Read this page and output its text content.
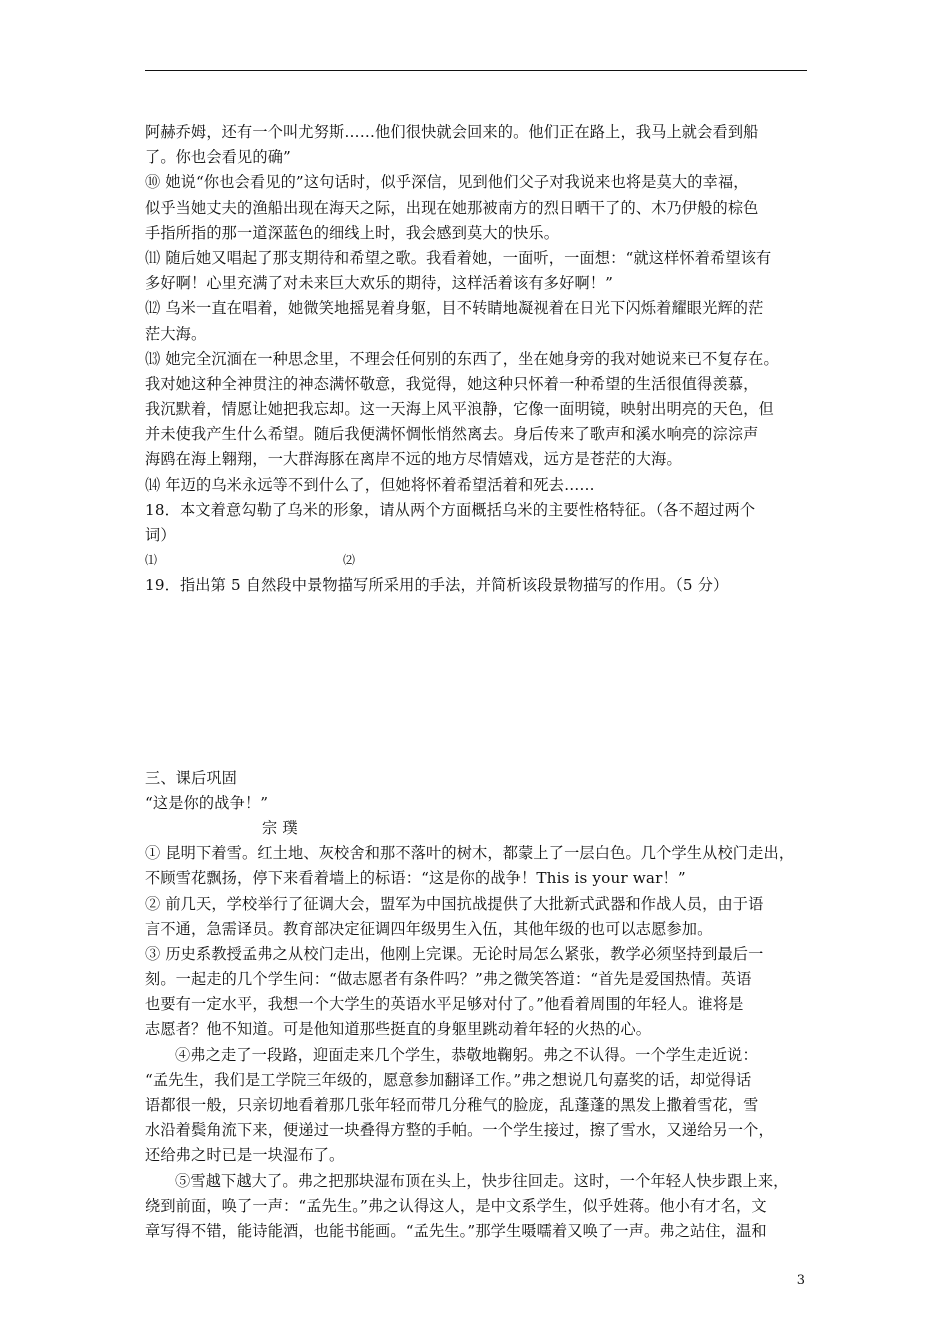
阿赫乔姆，还有一个叫尤努斯……他们很快就会回来的。他们正在路上，我马上就会看到船
了。你也会看见的确”
⑩ 她说“你也会看见的”这句话时，似乎深信，见到他们父子对我说来也将是莫大的幸福，
似乎当她丈夫的渔船出现在海天之际，出现在她那被南方的烈日晒干了的、木乃伊般的棕色
手指所指的那一道深蓝色的细线上时，我会感到莫大的快乐。
⑾ 随后她又唱起了那支期待和希望之歌。我看着她，一面听，一面想：“就这样怀着希望该有
多好啊！心里充满了对未来巨大欢乐的期待，这样活着该有多好啊！”
⑿ 乌米一直在唱着，她微笑地摇晃着身躯，目不转睛地凝视着在日光下闪烁着耀眼光辉的茫
茫大海。
⒀ 她完全沉湎在一种思念里，不理会任何别的东西了，坐在她身旁的我对她说来已不复存在。
我对她这种全神贯注的神态满怀敬意，我觉得，她这种只怀着一种希望的生活很值得羡慕，
我沉默着，情愿让她把我忘却。这一天海上风平浪静，它像一面明镜，映射出明亮的天色，但
并未使我产生什么希望。随后我便满怀惆怅悄然离去。身后传来了歌声和溪水响亮的淙淙声
海鸥在海上翱翔，一大群海豚在离岸不远的地方尽情嬉戏，远方是苍茫的大海。
⒁ 年迈的乌米永远等不到什么了，但她将怀着希望活着和死去……
18．本文着意勾勒了乌米的形象，请从两个方面概括乌米的主要性格特征。（各不超过两个
词）
⑴	⑵
19．指出第 5 自然段中景物描写所采用的手法，并简析该段景物描写的作用。（5 分）
三、课后巩固
“这是你的战争！”
宗 璞
① 昆明下着雪。红土地、灰校舍和那不落叶的树木，都蒙上了一层白色。几个学生从校门走出，
不顾雪花飘扬，停下来看着墙上的标语：“这是你的战争！This is your war！”
② 前几天，学校举行了征调大会，盟军为中国抗战提供了大批新式武器和作战人员，由于语
言不通，急需译员。教育部决定征调四年级男生入伍，其他年级的也可以志愿参加。
③ 历史系教授孟弗之从校门走出，他刚上完课。无论时局怎么紧张，教学必须坚持到最后一
刻。一起走的几个学生问：“做志愿者有条件吗？”弗之微笑答道：“首先是爱国热情。英语
也要有一定水平，我想一个大学生的英语水平足够对付了。”他看着周围的年轻人。谁将是
志愿者？他不知道。可是他知道那些挺直的身躯里跳动着年轻的火热的心。
④弗之走了一段路，迎面走来几个学生，恭敬地鞠躬。弗之不认得。一个学生走近说：
“孟先生，我们是工学院三年级的，愿意参加翻译工作。”弗之想说几句嘉奖的话，却觉得话
语都很一般，只亲切地看着那几张年轻而带几分稚气的脸庞，乱蓬蓬的黑发上撒着雪花，雪
水沿着鬓角流下来，便递过一块叠得方整的手帕。一个学生接过，擦了雪水，又递给另一个，
还给弗之时已是一块湿布了。
⑤雪越下越大了。弗之把那块湿布顶在头上，快步往回走。这时，一个年轻人快步跟上来，
绕到前面，唤了一声：“孟先生。”弗之认得这人，是中文系学生，似乎姓蒋。他小有才名，文
章写得不错，能诗能酒，也能书能画。“孟先生。”那学生嗫嚅着又唤了一声。弗之站住，温和
3
